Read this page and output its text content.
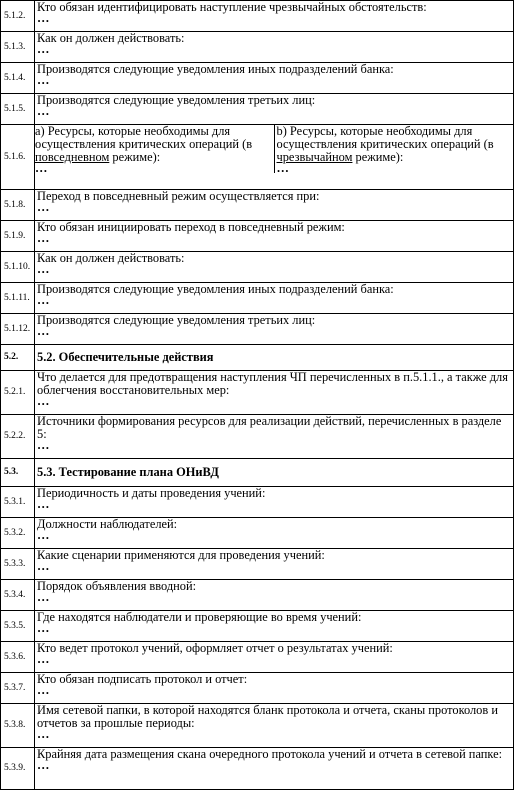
5.1.2.	
Кто обязан идентифицировать наступление чрезвычайных обстоятельств:
…

5.1.3.	
Как он должен действовать:
…

5.1.4.	
Производятся следующие уведомления иных подразделений банка:
…

5.1.5.	
Производятся следующие уведомления третьих лиц:
…

5.1.6.	
a) Ресурсы, которые необходимы для осуществления критических операций (в повседневном режиме):
…
	b) Ресурсы, которые необходимы для осуществления критических операций (в чрезвычайном режиме):
…

5.1.8.	
Переход в повседневный режим осуществляется при:
…

5.1.9.	
Кто обязан инициировать переход в повседневный режим:
…

5.1.10.	
Как он должен действовать:
…

5.1.11.	
Производятся следующие уведомления иных подразделений банка:
…

5.1.12.	
Производятся следующие уведомления третьих лиц:
…

5.2.	5.2. Обеспечительные действия
5.2.1.	
Что делается для предотвращения наступления ЧП перечисленных в п.5.1.1., а также для облегчения восстановительных мер:
…

5.2.2.	
Источники формирования ресурсов для реализации действий, перечисленных в разделе 5:
…

5.3.	5.3. Тестирование плана ОНиВД
5.3.1.	
Периодичность и даты проведения учений:
…

5.3.2.	
Должности наблюдателей:
…

5.3.3.	
Какие сценарии применяются для проведения учений:
…

5.3.4.	
Порядок объявления вводной:
…

5.3.5.	
Где находятся наблюдатели и проверяющие во время учений:
…

5.3.6.	
Кто ведет протокол учений, оформляет отчет о результатах учений:
…

5.3.7.	
Кто обязан подписать протокол и отчет:
…

5.3.8.	
Имя сетевой папки, в которой находятся бланк протокола и отчета, сканы протоколов и отчетов за прошлые периоды:
…

5.3.9.	
Крайняя дата размещения скана очередного протокола учений и отчета в сетевой папке:
…
